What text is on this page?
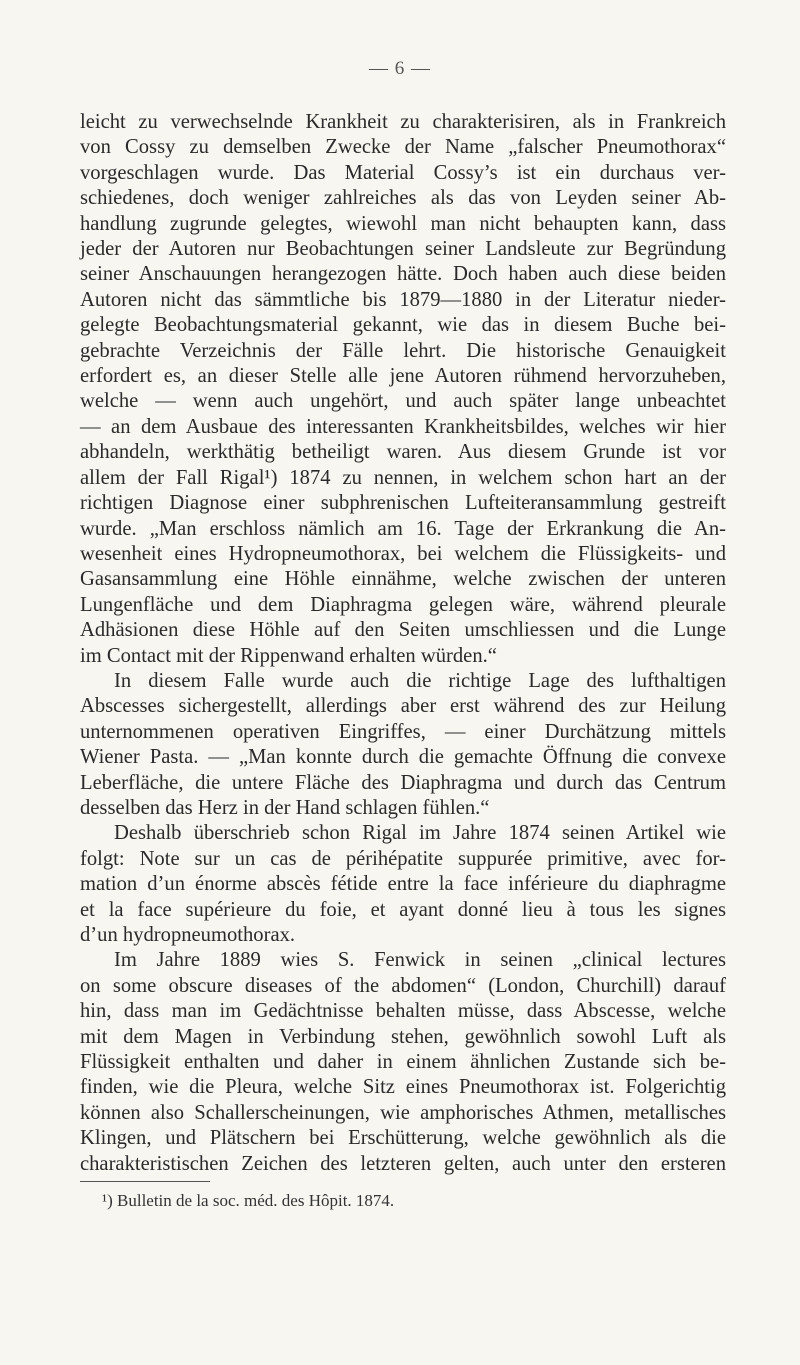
— 6 —
leicht zu verwechselnde Krankheit zu charakterisiren, als in Frankreich
von Cossy zu demselben Zwecke der Name „falscher Pneumothorax“
vorgeschlagen wurde. Das Material Cossy’s ist ein durchaus ver-
schiedenes, doch weniger zahlreiches als das von Leyden seiner Ab-
handlung zugrunde gelegtes, wiewohl man nicht behaupten kann, dass
jeder der Autoren nur Beobachtungen seiner Landsleute zur Begründung
seiner Anschauungen herangezogen hätte. Doch haben auch diese beiden
Autoren nicht das sämmtliche bis 1879—1880 in der Literatur nieder-
gelegte Beobachtungsmaterial gekannt, wie das in diesem Buche bei-
gebrachte Verzeichnis der Fälle lehrt. Die historische Genauigkeit
erfordert es, an dieser Stelle alle jene Autoren rühmend hervorzuheben,
welche — wenn auch ungehört, und auch später lange unbeachtet
— an dem Ausbaue des interessanten Krankheitsbildes, welches wir hier
abhandeln, werkthätig betheiligt waren. Aus diesem Grunde ist vor
allem der Fall Rigal¹) 1874 zu nennen, in welchem schon hart an der
richtigen Diagnose einer subphrenischen Lufteiteransammlung gestreift
wurde. „Man erschloss nämlich am 16. Tage der Erkrankung die An-
wesenheit eines Hydropneumothorax, bei welchem die Flüssigkeits- und
Gasansammlung eine Höhle einnähme, welche zwischen der unteren
Lungenfläche und dem Diaphragma gelegen wäre, während pleurale
Adhäsionen diese Höhle auf den Seiten umschliessen und die Lunge
im Contact mit der Rippenwand erhalten würden.“
In diesem Falle wurde auch die richtige Lage des lufthaltigen
Abscesses sichergestellt, allerdings aber erst während des zur Heilung
unternommenen operativen Eingriffes, — einer Durchätzung mittels
Wiener Pasta. — „Man konnte durch die gemachte Öffnung die convexe
Leberfläche, die untere Fläche des Diaphragma und durch das Centrum
desselben das Herz in der Hand schlagen fühlen.“
Deshalb überschrieb schon Rigal im Jahre 1874 seinen Artikel wie
folgt: Note sur un cas de périhépatite suppurée primitive, avec for-
mation d’un énorme abscès fétide entre la face inférieure du diaphragme
et la face supérieure du foie, et ayant donné lieu à tous les signes
d’un hydropneumothorax.
Im Jahre 1889 wies S. Fenwick in seinen „clinical lectures
on some obscure diseases of the abdomen“ (London, Churchill) darauf
hin, dass man im Gedächtnisse behalten müsse, dass Abscesse, welche
mit dem Magen in Verbindung stehen, gewöhnlich sowohl Luft als
Flüssigkeit enthalten und daher in einem ähnlichen Zustande sich be-
finden, wie die Pleura, welche Sitz eines Pneumothorax ist. Folgerichtig
können also Schallerscheinungen, wie amphorisches Athmen, metallisches
Klingen, und Plätschern bei Erschütterung, welche gewöhnlich als die
charakteristischen Zeichen des letzteren gelten, auch unter den ersteren
¹) Bulletin de la soc. méd. des Hôpit. 1874.
